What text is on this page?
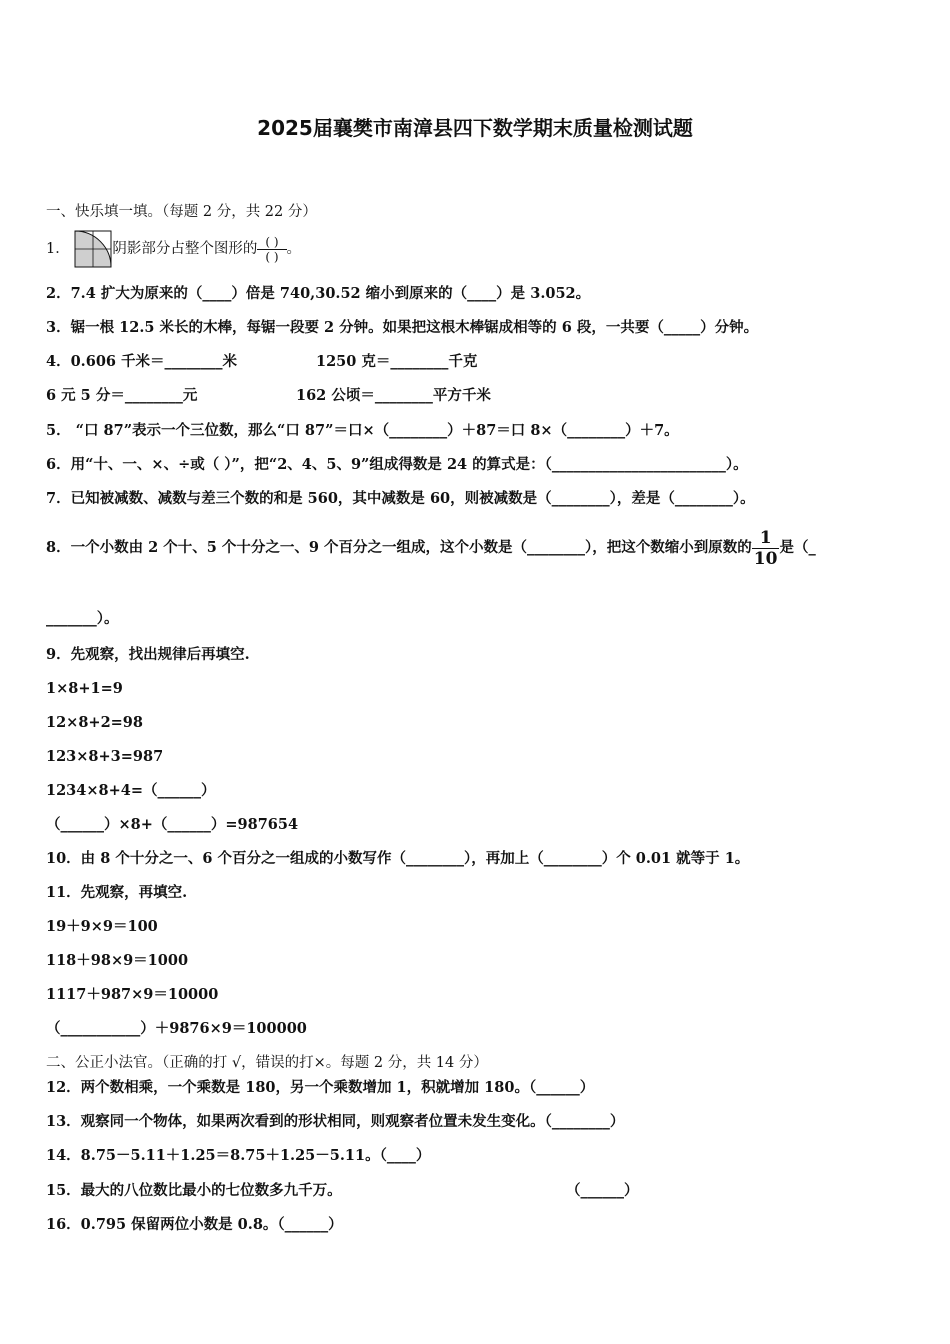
2025届襄樊市南漳县四下数学期末质量检测试题
一、快乐填一填。（每题 2 分，共 22 分）
1．	阴影部分占整个图形的 $\frac{( )}{( )}$ 。
2．7.4 扩大为原来的（____）倍是 740,30.52 缩小到原来的（____）是 3.052。
3．锯一根 12.5 米长的木棒，每锯一段要 2 分钟。如果把这根木棒锯成相等的 6 段，一共要（_____）分钟。
4．0.606 千米＝________米	1250 克＝________千克
6 元 5 分＝________元	162 公顷＝________平方千米
5． “口 87”表示一个三位数，那么“口 87”＝口×（________）＋87＝口 8×（________）＋7。
6．用“十、一、×、÷或（ ）”，把“2、4、5、9”组成得数是 24 的算式是：（________________________）。
7．已知被减数、减数与差三个数的和是 560，其中减数是 60，则被减数是（________），差是（________）。
8．一个小数由 2 个十、5 个十分之一、9 个百分之一组成，这个小数是（________），把这个数缩小到原数的 $\frac{1}{10}$ 是（_
_______）。
9．先观察，找出规律后再填空.
1×8+1=9
12×8+2=98
123×8+3=987
1234×8+4=（______）
（______）×8+（______）=987654
10．由 8 个十分之一、6 个百分之一组成的小数写作（________），再加上（________）个 0.01 就等于 1。
11．先观察，再填空.
19＋9×9＝100
118＋98×9＝1000
1117＋987×9＝10000
（___________）＋9876×9＝100000
二、公正小法官。（正确的打 √，错误的打×。每题 2 分，共 14 分）
12．两个数相乘，一个乘数是 180，另一个乘数增加 1，积就增加 180。（______）
13．观察同一个物体，如果两次看到的形状相同，则观察者位置未发生变化。（________）
14．8.75－5.11＋1.25＝8.75＋1.25－5.11。（____）
15．最大的八位数比最小的七位数多九千万。	（______）
16．0.795 保留两位小数是 0.8。（______）
